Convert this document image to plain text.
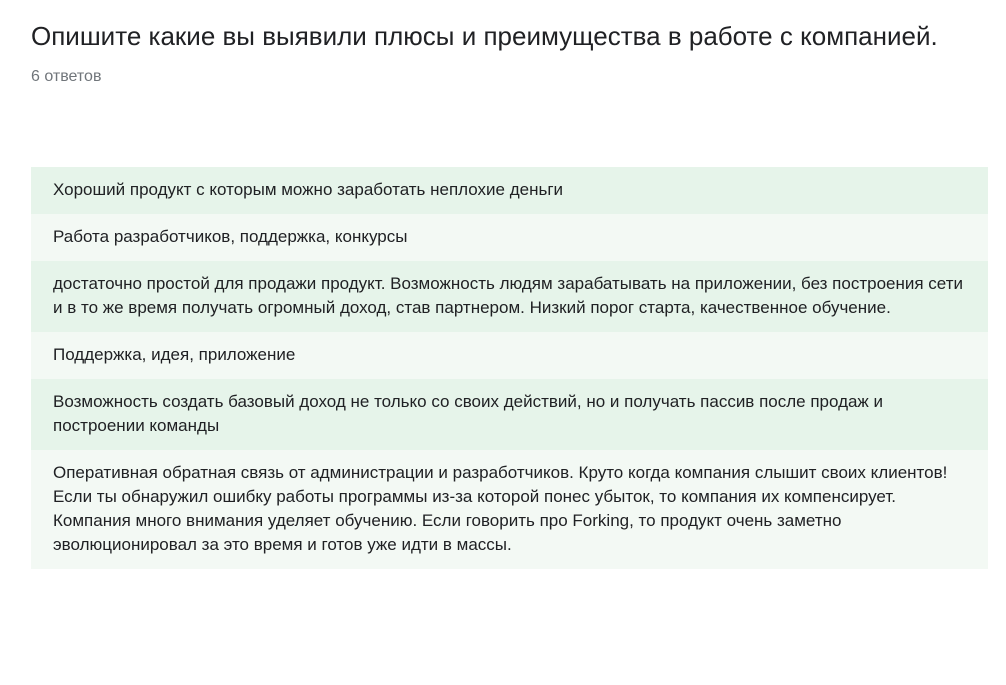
Опишите какие вы выявили плюсы и преимущества в работе с компанией.
6 ответов
Хороший продукт с которым можно заработать неплохие деньги
Работа разработчиков, поддержка, конкурсы
достаточно простой для продажи продукт. Возможность людям зарабатывать на приложении, без построения сети и в то же время получать огромный доход, став партнером. Низкий порог старта, качественное обучение.
Поддержка, идея, приложение
Возможность создать базовый доход не только со своих действий, но и получать пассив после продаж и построении команды
Оперативная обратная связь от администрации и разработчиков. Круто когда компания слышит своих клиентов! Если ты обнаружил ошибку работы программы из-за которой понес убыток, то компания их компенсирует. Компания много внимания уделяет обучению. Если говорить про Forking, то продукт очень заметно эволюционировал за это время и готов уже идти в массы.
